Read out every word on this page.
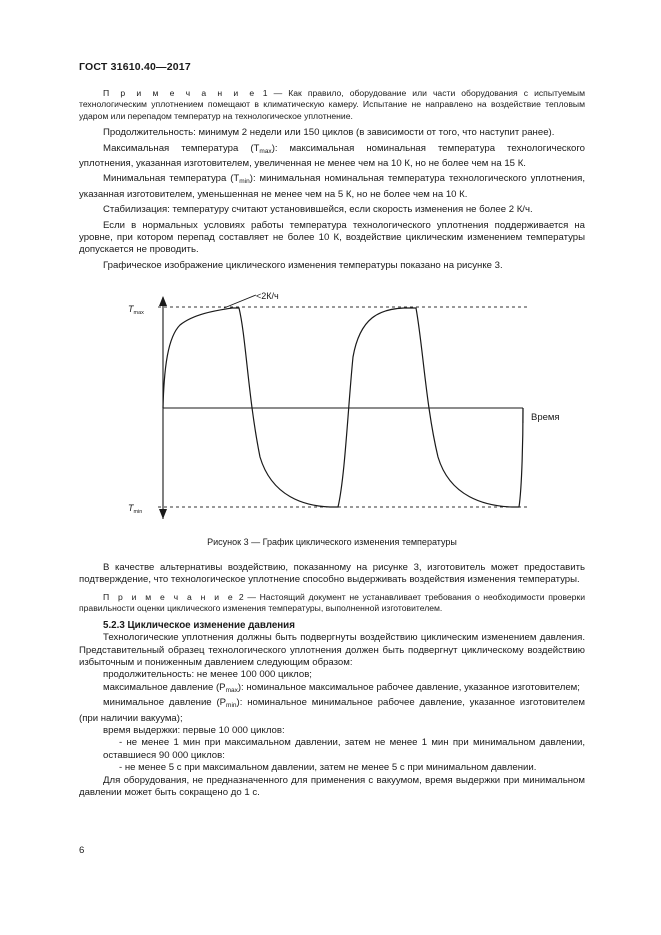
ГОСТ 31610.40—2017

П р и м е ч а н и е 1 — Как правило, оборудование или части оборудования с испытуемым технологическим уплотнением помещают в климатическую камеру. Испытание не направлено на воздействие тепловым ударом или перепадом температур на технологическое уплотнение.

Продолжительность: минимум 2 недели или 150 циклов (в зависимости от того, что наступит ранее).

Максимальная температура $(T_{max})$: максимальная номинальная температура технологического уплотнения, указанная изготовителем, увеличенная не менее чем на 10 К, но не более чем на 15 К.

Минимальная температура $(T_{min})$: минимальная номинальная температура технологического уплотнения, указанная изготовителем, уменьшенная не менее чем на 5 К, но не более чем на 10 К.

Стабилизация: температуру считают установившейся, если скорость изменения не более 2 К/ч.

Если в нормальных условиях работы температура технологического уплотнения поддерживается на уровне, при котором перепад составляет не более 10 К, воздействие циклическим изменением температуры допускается не проводить.

Графическое изображение циклического изменения температуры показано на рисунке 3.

<2К/ч
$T_{max}$
$T_{min}$
Время
Рисунок 3 — График циклического изменения температуры

В качестве альтернативы воздействию, показанному на рисунке 3, изготовитель может предоставить подтверждение, что технологическое уплотнение способно выдерживать воздействия изменения температуры.

П р и м е ч а н и е 2 — Настоящий документ не устанавливает требования о необходимости проверки правильности оценки циклического изменения температуры, выполненной изготовителем.

5.2.3 Циклическое изменение давления

Технологические уплотнения должны быть подвергнуты воздействию циклическим изменением давления. Представительный образец технологического уплотнения должен быть подвергнут циклическому воздействию избыточным и пониженным давлением следующим образом:

продолжительность: не менее 100 000 циклов;

максимальное давление $(P_{max})$: номинальное максимальное рабочее давление, указанное изготовителем;

минимальное давление $(P_{min})$: номинальное минимальное рабочее давление, указанное изготовителем (при наличии вакуума);

время выдержки: первые 10 000 циклов:

- не менее 1 мин при максимальном давлении, затем не менее 1 мин при минимальном давлении, оставшиеся 90 000 циклов:

- не менее 5 с при максимальном давлении, затем не менее 5 с при минимальном давлении.

Для оборудования, не предназначенного для применения с вакуумом, время выдержки при минимальном давлении может быть сокращено до 1 с.

6
